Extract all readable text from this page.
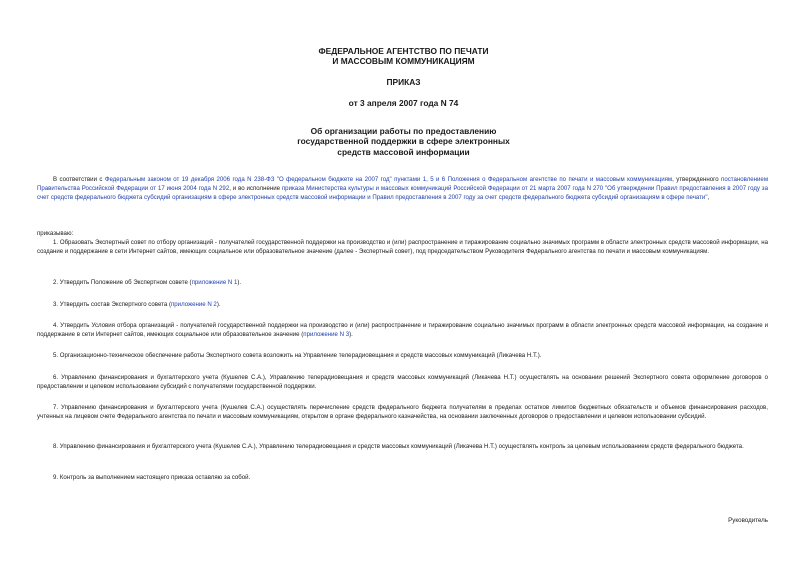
ФЕДЕРАЛЬНОЕ АГЕНТСТВО ПО ПЕЧАТИ

И МАССОВЫМ КОММУНИКАЦИЯМ

ПРИКАЗ

от 3 апреля 2007 года N 74

Об организации работы по предоставлению

государственной поддержки в сфере электронных

средств массовой информации

В соответствии с Федеральным законом от 19 декабря 2006 года N 238-ФЗ "О федеральном бюджете на 2007 год" пунктами 1, 5 и 6 Положения о Федеральном агентстве по печати и массовым коммуникациям, утвержденного постановлением Правительства Российской Федерации от 17 июня 2004 года N 292, и во исполнение приказа Министерства культуры и массовых коммуникаций Российской Федерации от 21 марта 2007 года N 270 "Об утверждении Правил предоставления в 2007 году за счет средств федерального бюджета субсидий организациям в сфере электронных средств массовой информации и Правил предоставления в 2007 году за счет средств федерального бюджета субсидий организациям в сфере печати",

приказываю:

1. Образовать Экспертный совет по отбору организаций - получателей государственной поддержки на производство и (или) распространение и тиражирование социально значимых программ в области электронных средств массовой информации, на создание и поддержание в сети Интернет сайтов, имеющих социальное или образовательное значение (далее - Экспертный совет), под председательством Руководителя Федерального агентства по печати и массовым коммуникациям.

2. Утвердить Положение об Экспертном совете (приложение N 1).

3. Утвердить состав Экспертного совета (приложение N 2).

4. Утвердить Условия отбора организаций - получателей государственной поддержки на производство и (или) распространение и тиражирование социально значимых программ в области электронных средств массовой информации, на создание и поддержание в сети Интернет сайтов, имеющих социальное или образовательное значение (приложение N 3).

5. Организационно-техническое обеспечение работы Экспертного совета возложить на Управление телерадиовещания и средств массовых коммуникаций (Ликачева Н.Т.).

6. Управлению финансирования и бухгалтерского учета (Кушелев С.А.), Управлению телерадиовещания и средств массовых коммуникаций (Ликачева Н.Т.) осуществлять на основании решений Экспертного совета оформление договоров о предоставлении и целевом использовании субсидий с получателями государственной поддержки.

7. Управлению финансирования и бухгалтерского учета (Кушелев С.А.) осуществлять перечисление средств федерального бюджета получателям в пределах остатков лимитов бюджетных обязательств и объемов финансирования расходов, учтенных на лицевом счете Федерального агентства по печати и массовым коммуникациям, открытом в органе федерального казначейства, на основании заключенных договоров о предоставлении и целевом использовании субсидий.

8. Управлению финансирования и бухгалтерского учета (Кушелев С.А.), Управлению телерадиовещания и средств массовых коммуникаций (Ликачева Н.Т.) осуществлять контроль за целевым использованием средств федерального бюджета.

9. Контроль за выполнением настоящего приказа оставляю за собой.

Руководитель
